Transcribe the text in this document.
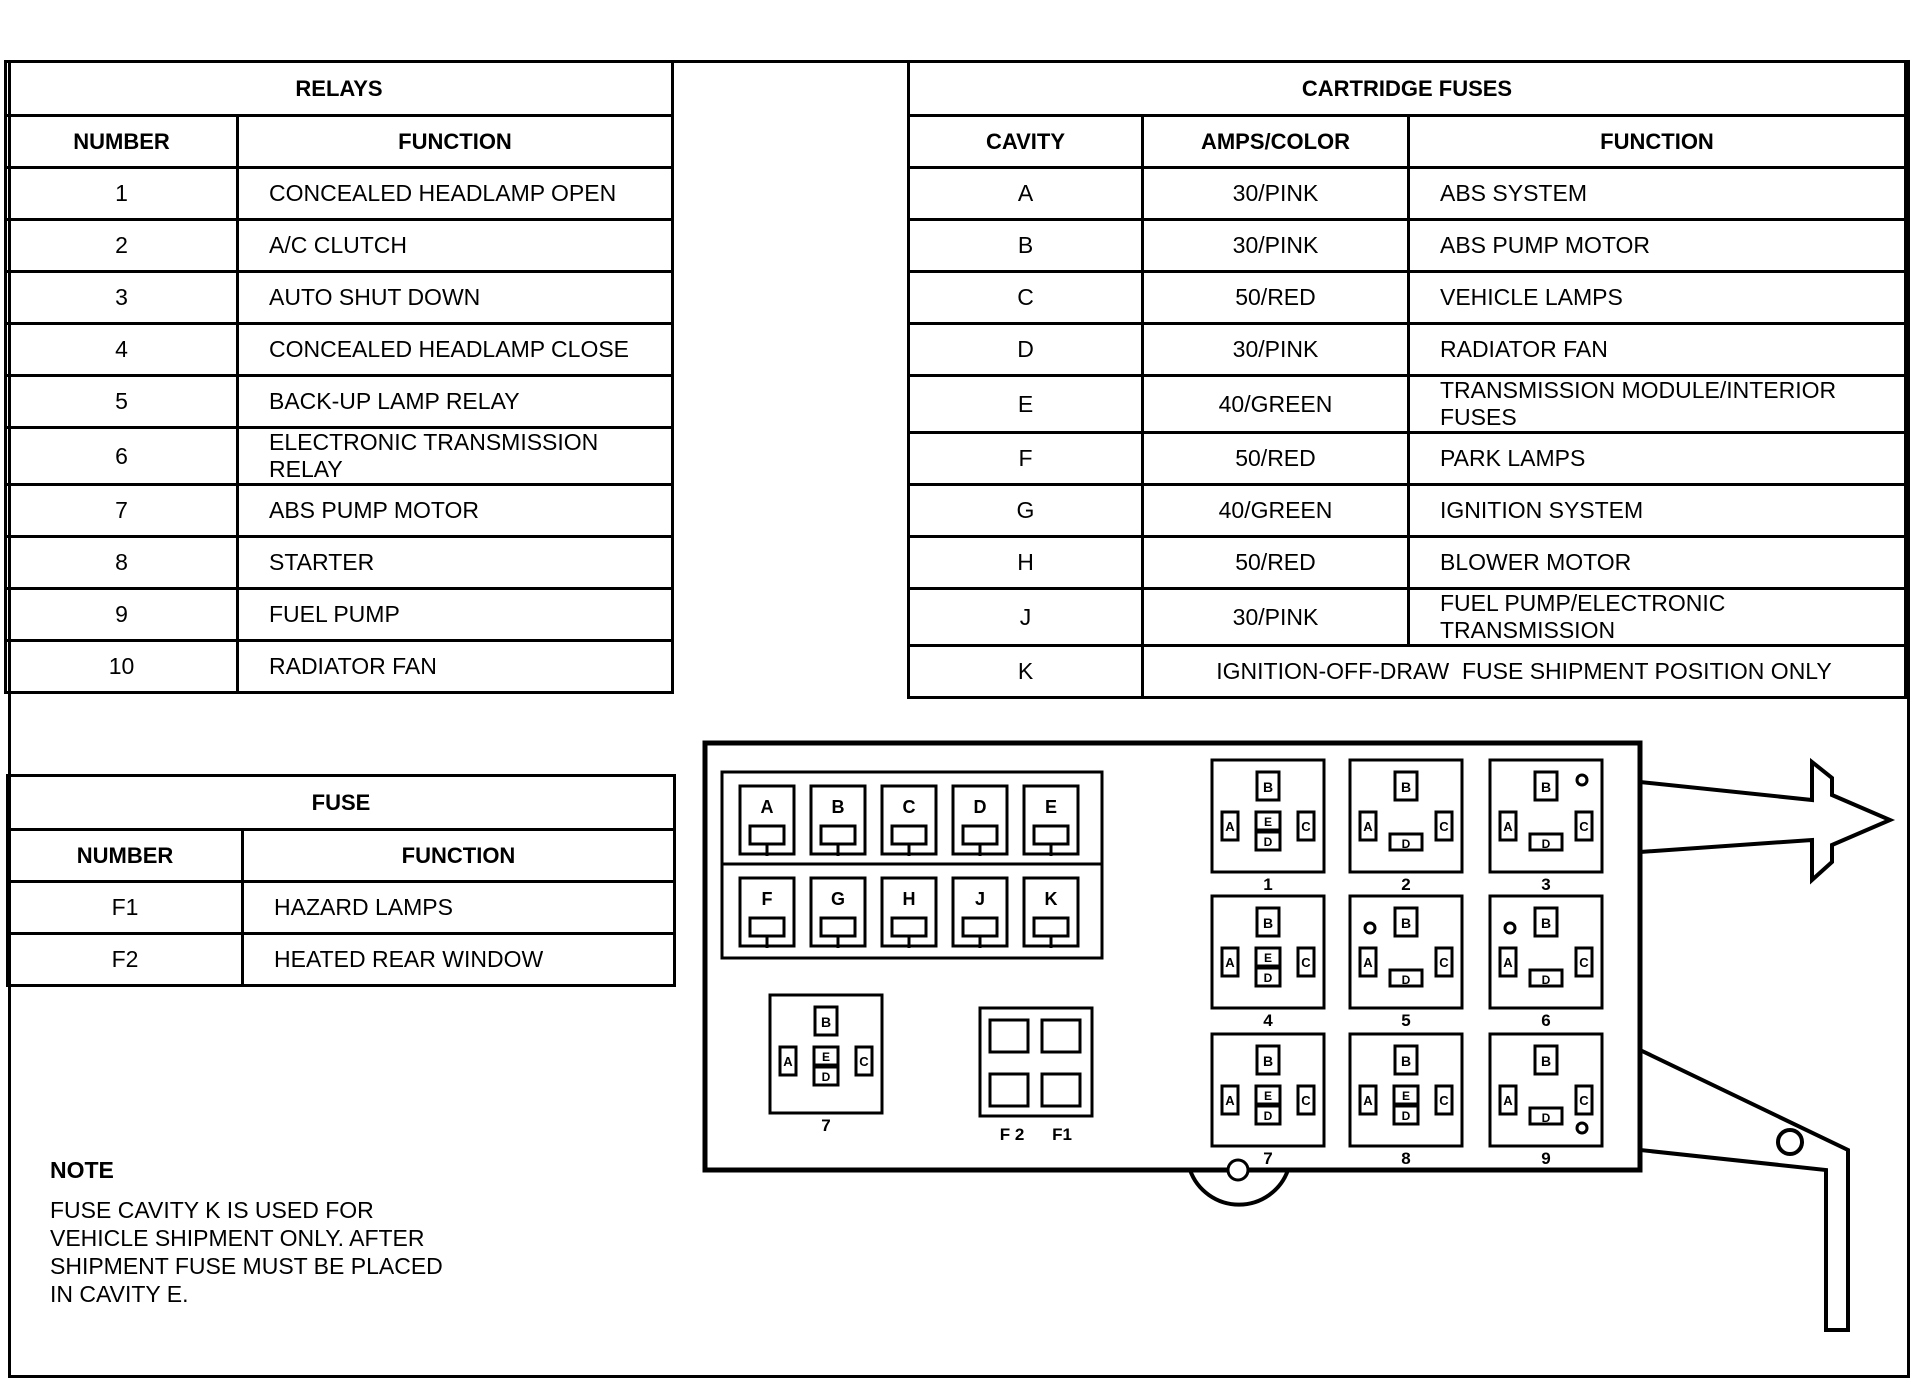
RELAYS	
NUMBER	FUNCTION
1	CONCEALED HEADLAMP OPEN
2	A/C CLUTCH
3	AUTO SHUT DOWN
4	CONCEALED HEADLAMP CLOSE
5	BACK-UP LAMP RELAY
6	ELECTRONIC TRANSMISSION RELAY
7	ABS PUMP MOTOR
8	STARTER
9	FUEL PUMP
10	RADIATOR FAN
FUSE	
NUMBER	FUNCTION
F1	HAZARD LAMPS
F2	HEATED REAR WINDOW
CARTRIDGE FUSES		
CAVITY	AMPS/COLOR	FUNCTION
A	30/PINK	ABS SYSTEM
B	30/PINK	ABS PUMP MOTOR
C	50/RED	VEHICLE LAMPS
D	30/PINK	RADIATOR FAN
E	40/GREEN	TRANSMISSION MODULE/INTERIOR FUSES
F	50/RED	PARK LAMPS
G	40/GREEN	IGNITION SYSTEM
H	50/RED	BLOWER MOTOR
J	30/PINK	FUEL PUMP/ELECTRONIC TRANSMISSION
K	IGNITION-OFF-DRAW  FUSE SHIPMENT POSITION ONLY	
NOTE
FUSE CAVITY K IS USED FOR
VEHICLE SHIPMENT ONLY. AFTER
SHIPMENT FUSE MUST BE PLACED
IN CAVITY E.
A	B	C	D	E
F	G	H	J	K
B
A	C
E
D
1
B
A	C
D
2
B
A	C
D
3
B
A	C
E
D
4
B
A	C
D
5
B
A	C
D
6
B
A	C
E
D
7
B
A	C
E
D
8
B
A	C
D
9
B
A	C
E
D
7	F 2 F1
